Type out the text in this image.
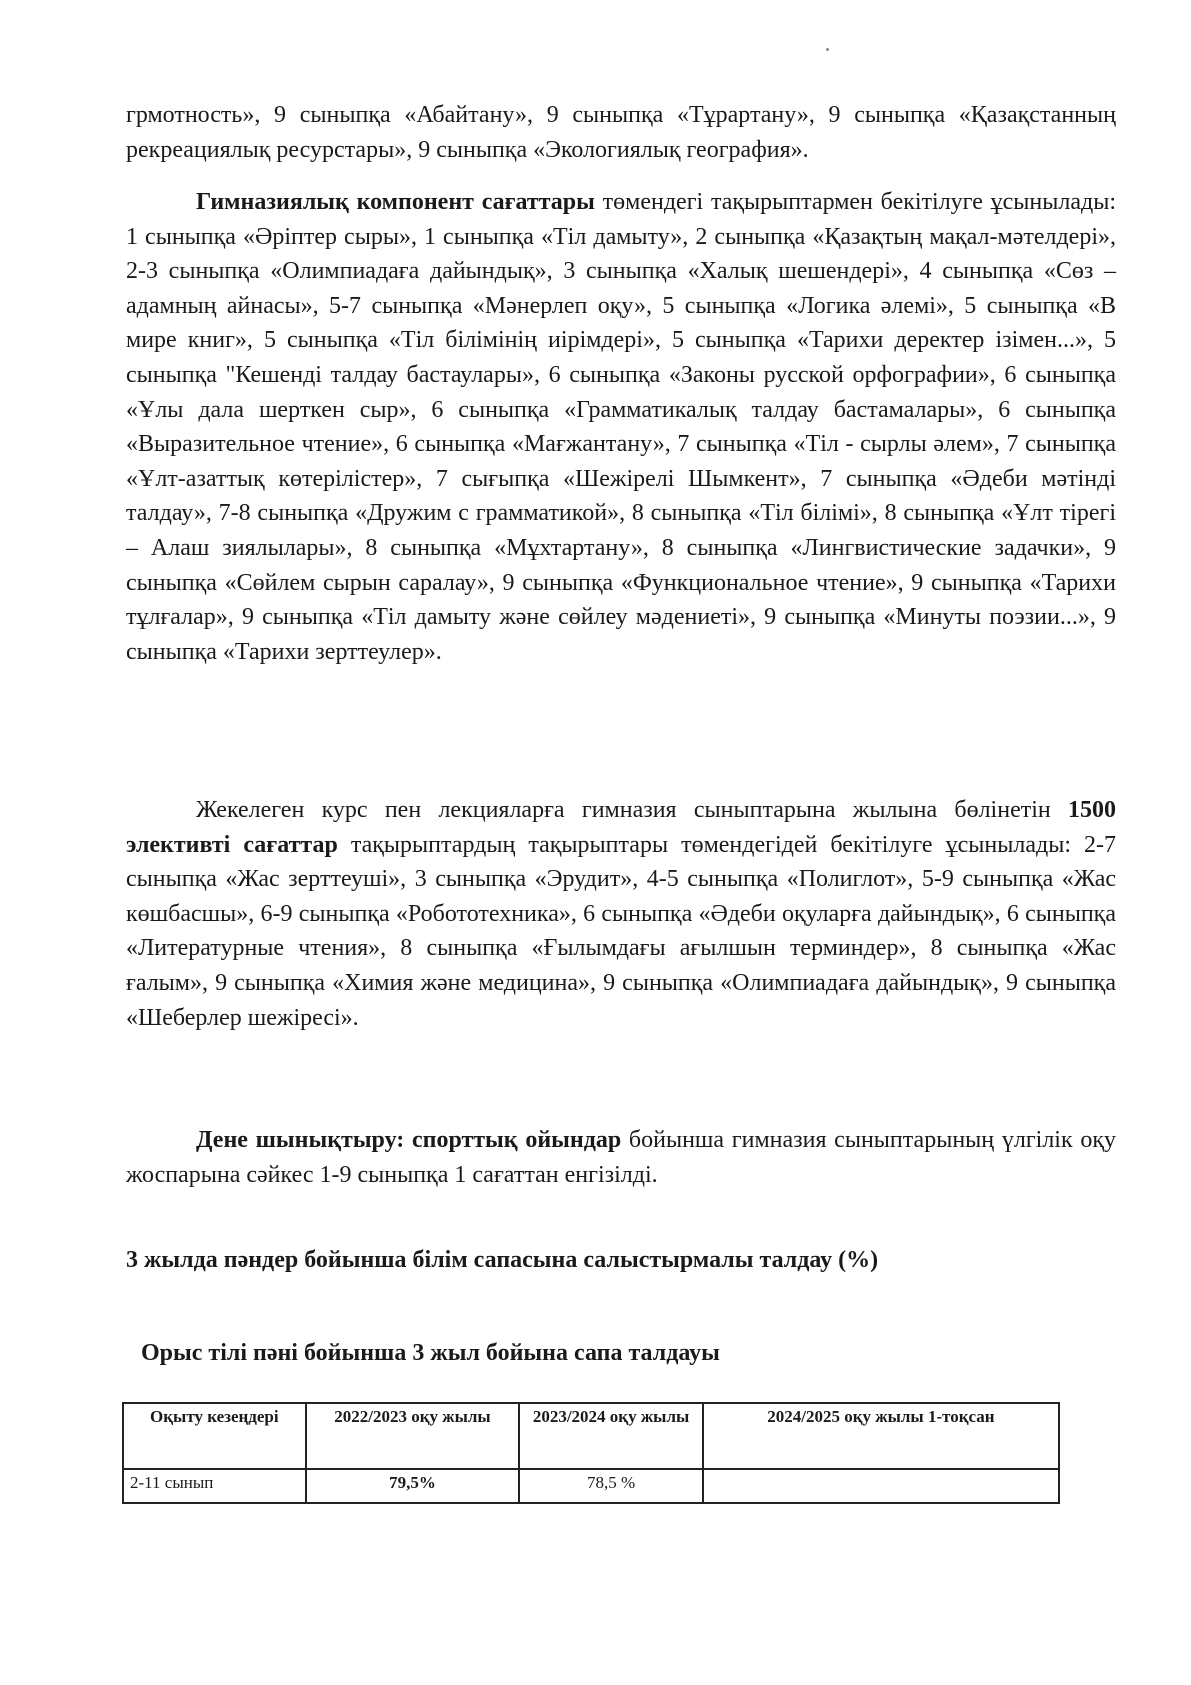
грмотность», 9 сыныпқа «Абайтану», 9 сыныпқа «Тұрартану», 9 сыныпқа «Қазақстанның рекреациялық ресурстары», 9 сыныпқа «Экологиялық география».

Гимназиялық компонент сағаттары төмендегі тақырыптармен бекітілуге ұсынылады: 1 сыныпқа «Әріптер сыры», 1 сыныпқа «Тіл дамыту», 2 сыныпқа «Қазақтың мақал-мәтелдері», 2-3 сыныпқа «Олимпиадаға дайындық», 3 сыныпқа «Халық шешендері», 4 сыныпқа «Сөз – адамның айнасы», 5-7 сыныпқа «Мәнерлеп оқу», 5 сыныпқа «Логика әлемі», 5 сыныпқа «В мире книг», 5 сыныпқа «Тіл білімінің иірімдері», 5 сыныпқа «Тарихи деректер ізімен...», 5 сыныпқа "Кешенді талдау бастаулары», 6 сыныпқа «Законы русской орфографии», 6 сыныпқа «Ұлы дала шерткен сыр», 6 сыныпқа «Грамматикалық талдау бастамалары», 6 сыныпқа «Выразительное чтение», 6 сыныпқа «Мағжантану», 7 сыныпқа «Тіл - сырлы әлем», 7 сыныпқа «Ұлт-азаттық көтерілістер», 7 сығыпқа «Шежірелі Шымкент», 7 сыныпқа «Әдеби мәтінді талдау», 7-8 сыныпқа «Дружим с грамматикой», 8 сыныпқа «Тіл білімі», 8 сыныпқа «Ұлт тірегі – Алаш зиялылары», 8 сыныпқа «Мұхтартану», 8 сыныпқа «Лингвистические задачки», 9 сыныпқа «Сөйлем сырын саралау», 9 сыныпқа «Функциональное чтение», 9 сыныпқа «Тарихи тұлғалар», 9 сыныпқа «Тіл дамыту және сөйлеу мәдениеті», 9 сыныпқа «Минуты поэзии...», 9 сыныпқа «Тарихи зерттеулер».

Жекелеген курс пен лекцияларға гимназия сыныптарына жылына бөлінетін 1500 элективті сағаттар тақырыптардың тақырыптары төмендегідей бекітілуге ұсынылады: 2-7 сыныпқа «Жас зерттеуші», 3 сыныпқа «Эрудит», 4-5 сыныпқа «Полиглот», 5-9 сыныпқа «Жас көшбасшы», 6-9 сыныпқа «Робототехника», 6 сыныпқа «Әдеби оқуларға дайындық», 6 сыныпқа «Литературные чтения», 8 сыныпқа «Ғылымдағы ағылшын терминдер», 8 сыныпқа «Жас ғалым», 9 сыныпқа «Химия және медицина», 9 сыныпқа «Олимпиадаға дайындық», 9 сыныпқа «Шеберлер шежіресі».

Дене шынықтыру: спорттық ойындар бойынша гимназия сыныптарының үлгілік оқу жоспарына сәйкес 1-9 сыныпқа 1 сағаттан енгізілді.

3 жылда пәндер бойынша білім сапасына салыстырмалы талдау (%)
Орыс тілі пәні бойынша 3 жыл бойына сапа талдауы
Оқыту кезеңдері	2022/2023 оқу жылы	2023/2024 оқу жылы	2024/2025 оқу жылы 1-тоқсан
2-11 сынып	79,5%	78,5 %	
